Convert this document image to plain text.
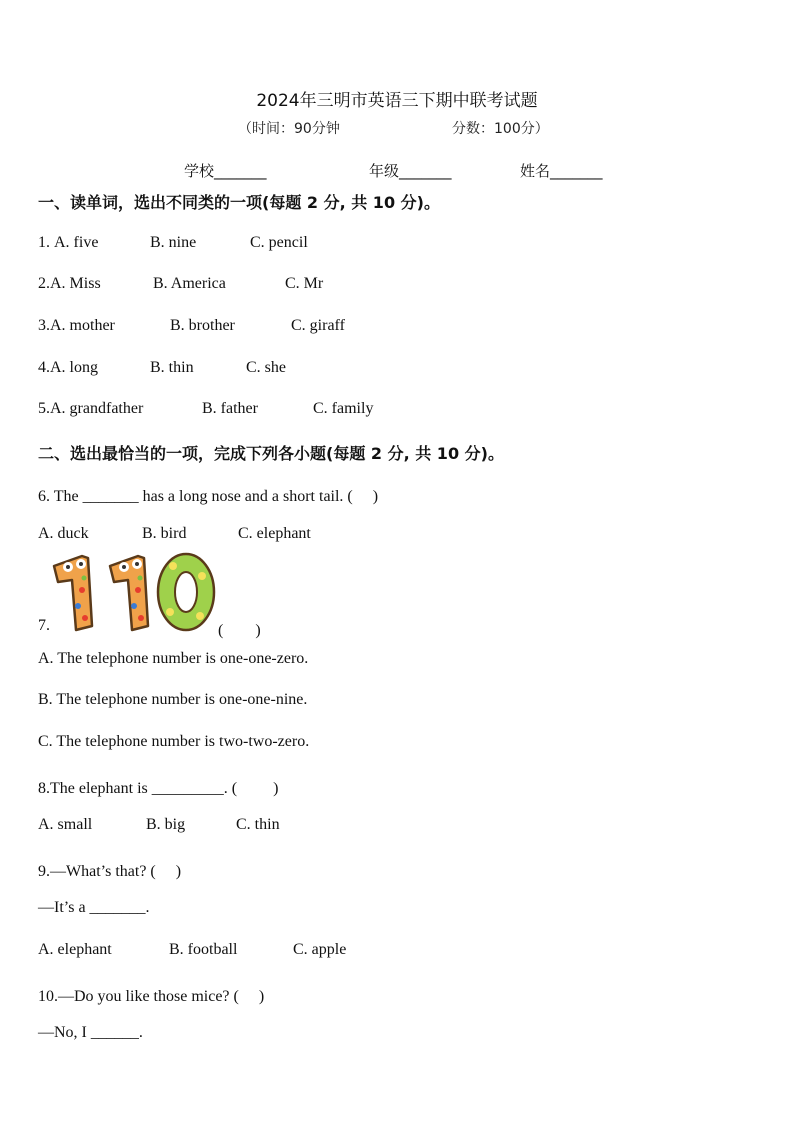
2024年三明市英语三下期中联考试题
（时间：90分钟	分数：100分）
学校_______	年级_______	姓名_______
一、读单词，选出不同类的一项(每题 2 分, 共 10 分)。
1. A. five	B. nine	C. pencil
2.A. Miss	B. America	C. Mr
3.A. mother	B. brother	C. giraff
4.A. long	B. thin	C. she
5.A. grandfather	B. father	C. family
二、选出最恰当的一项，完成下列各小题(每题 2 分, 共 10 分)。
6. The _______ has a long nose and a short tail. (　 )
A. duck	B. bird	C. elephant
7.	(　　)
A. The telephone number is one-one-zero.
B. The telephone number is one-one-nine.
C. The telephone number is two-two-zero.
8.The elephant is _________. (　　 )
A. small	B. big	C. thin
9.—What’s that? (　 )
—It’s a _______.
A. elephant	B. football	C. apple
10.—Do you like those mice? (　 )
—No, I ______.
